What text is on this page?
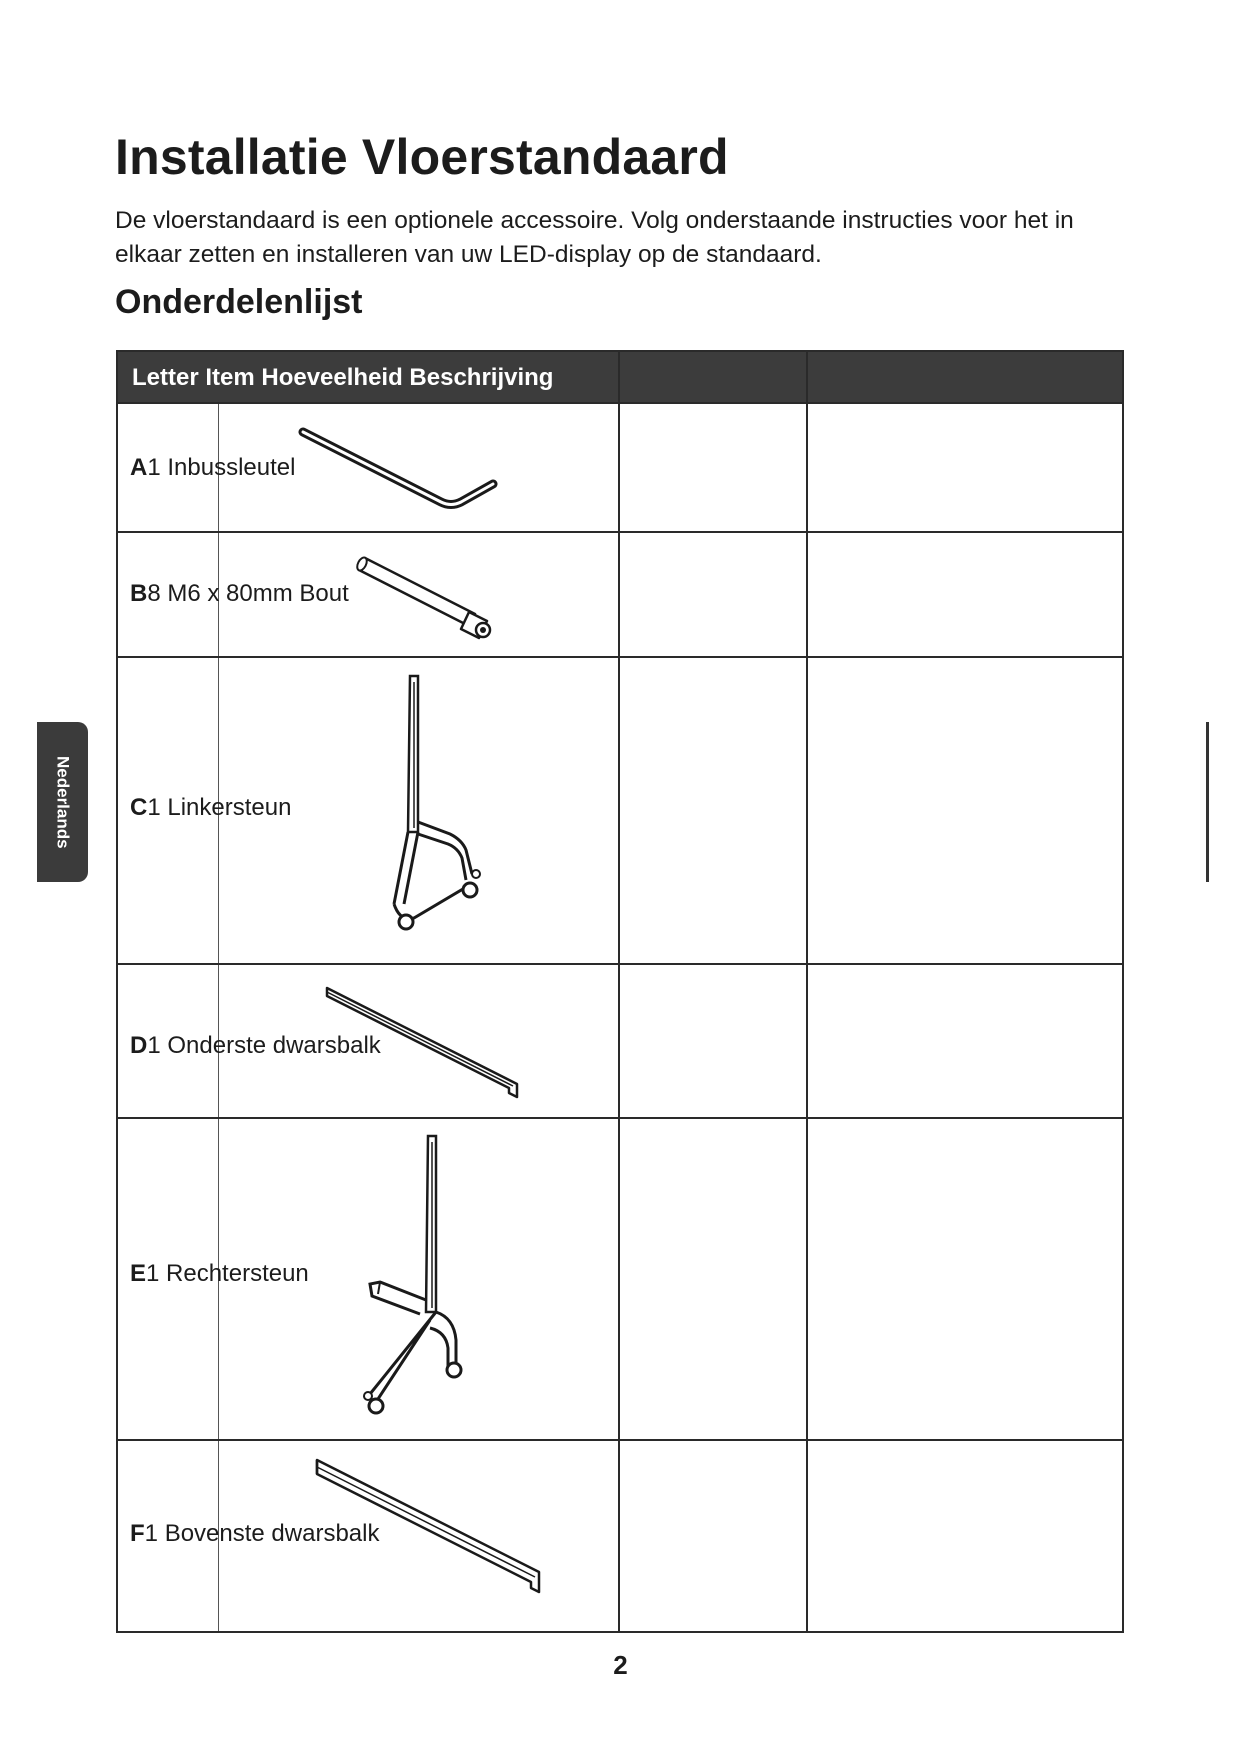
Installatie Vloerstandaard

De vloerstandaard is een optionele accessoire. Volg onderstaande instructies voor het in elkaar zetten en installeren van uw LED-display op de standaard.

Onderdelenlijst
Nederlands
Letter Item Hoeveelheid Beschrijving
A1 Inbussleutel
B8 M6 x 80mm Bout
C1 Linkersteun
D1 Onderste dwarsbalk
E1 Rechtersteun
F1 Bovenste dwarsbalk
2
